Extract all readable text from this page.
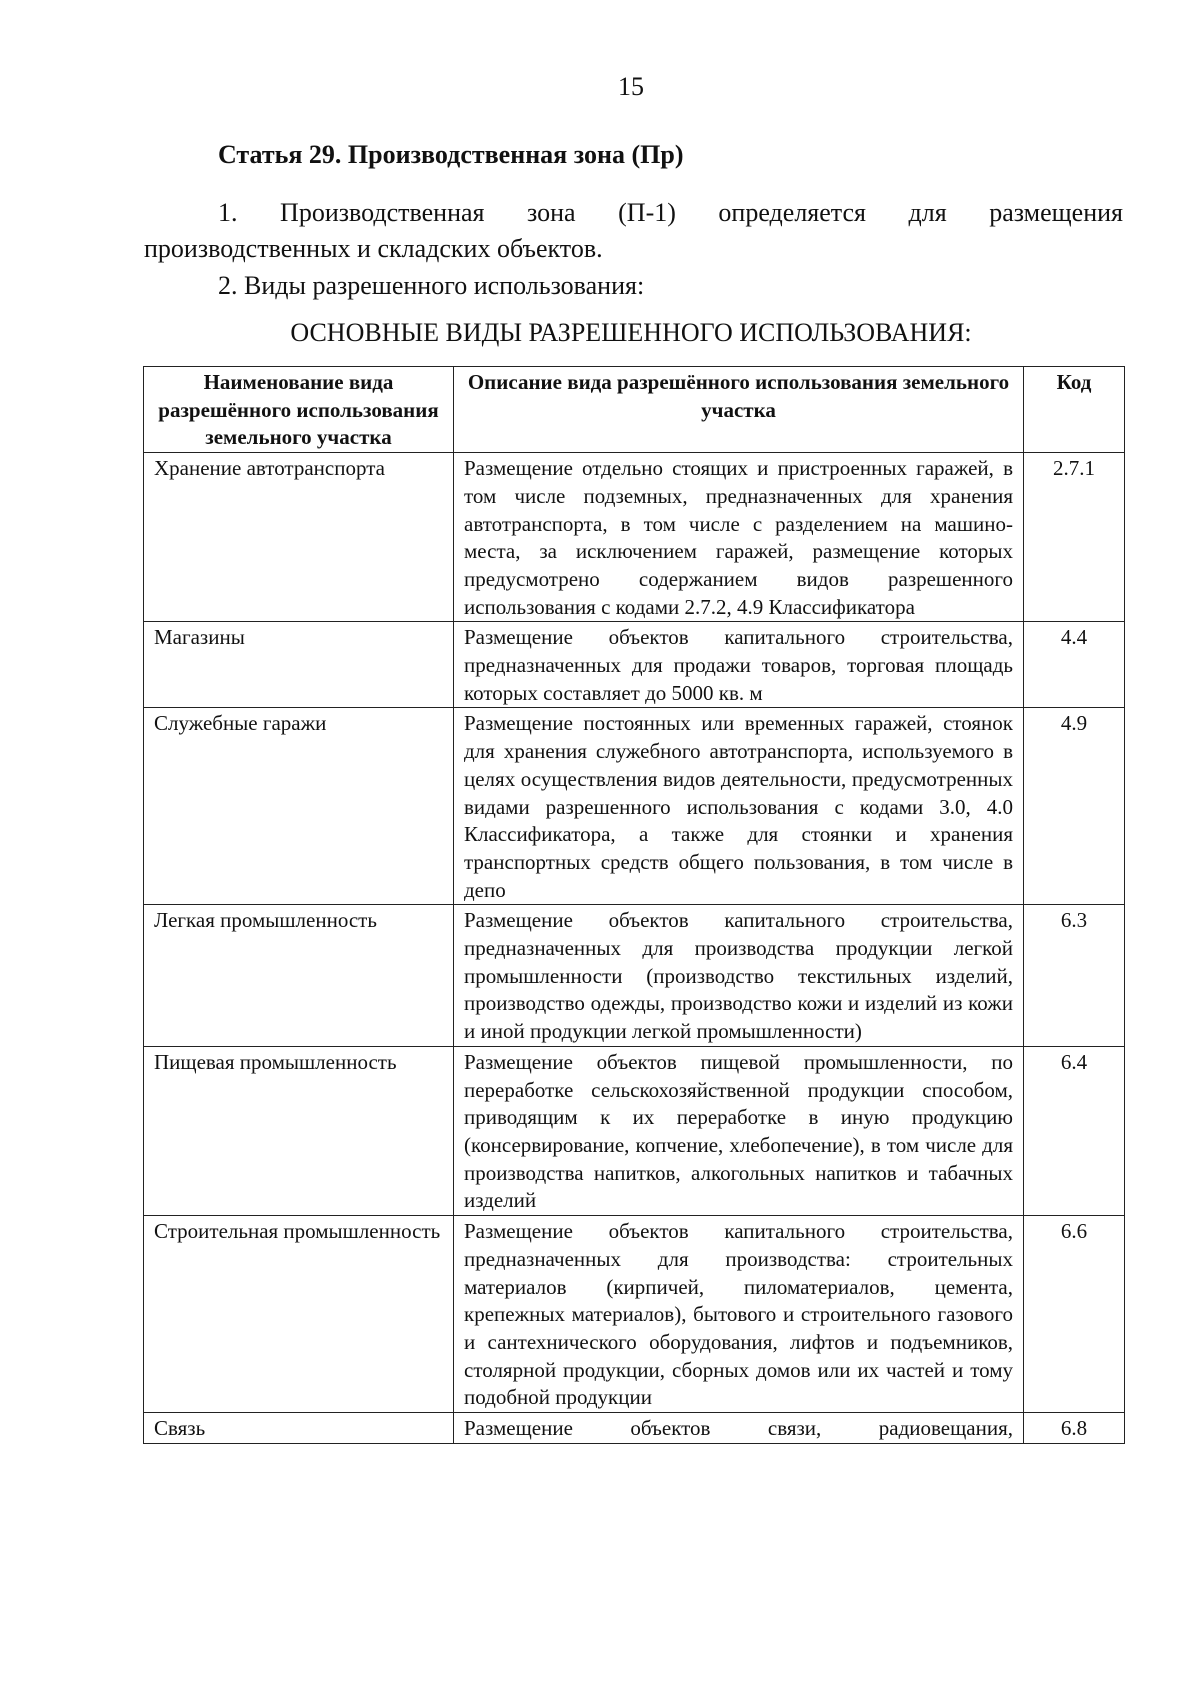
15
Статья 29. Производственная зона (Пр)
1. Производственная зона (П-1) определяется для размещения
производственных и складских объектов.
2. Виды разрешенного использования:
ОСНОВНЫЕ ВИДЫ РАЗРЕШЕННОГО ИСПОЛЬЗОВАНИЯ:
Наименование вида разрешённого использования земельного участка	Описание вида разрешённого использования земельного участка	Код
Хранение автотранспорта	Размещение отдельно стоящих и пристроенных гаражей, в том числе подземных, предназначенных для хранения автотранспорта, в том числе с разделением на машино-места, за исключением гаражей, размещение которых предусмотрено содержанием видов разрешенного использования с кодами 2.7.2, 4.9 Классификатора	2.7.1
Магазины	Размещение объектов капитального строительства, предназначенных для продажи товаров, торговая площадь которых составляет до 5000 кв. м	4.4
Служебные гаражи	Размещение постоянных или временных гаражей, стоянок для хранения служебного автотранспорта, используемого в целях осуществления видов деятельности, предусмотренных видами разрешенного использования с кодами 3.0, 4.0 Классификатора, а также для стоянки и хранения транспортных средств общего пользования, в том числе в депо	4.9
Легкая промышленность	Размещение объектов капитального строительства, предназначенных для производства продукции легкой промышленности (производство текстильных изделий, производство одежды, производство кожи и изделий из кожи и иной продукции легкой промышленности)	6.3
Пищевая промышленность	Размещение объектов пищевой промышленности, по переработке сельскохозяйственной продукции способом, приводящим к их переработке в иную продукцию (консервирование, копчение, хлебопечение), в том числе для производства напитков, алкогольных напитков и табачных изделий	6.4
Строительная промышленность	Размещение объектов капитального строительства, предназначенных для производства: строительных материалов (кирпичей, пиломатериалов, цемента, крепежных материалов), бытового и строительного газового и сантехнического оборудования, лифтов и подъемников, столярной продукции, сборных домов или их частей и тому подобной продукции	6.6
Связь	Размещение объектов связи, радиовещания,	6.8
